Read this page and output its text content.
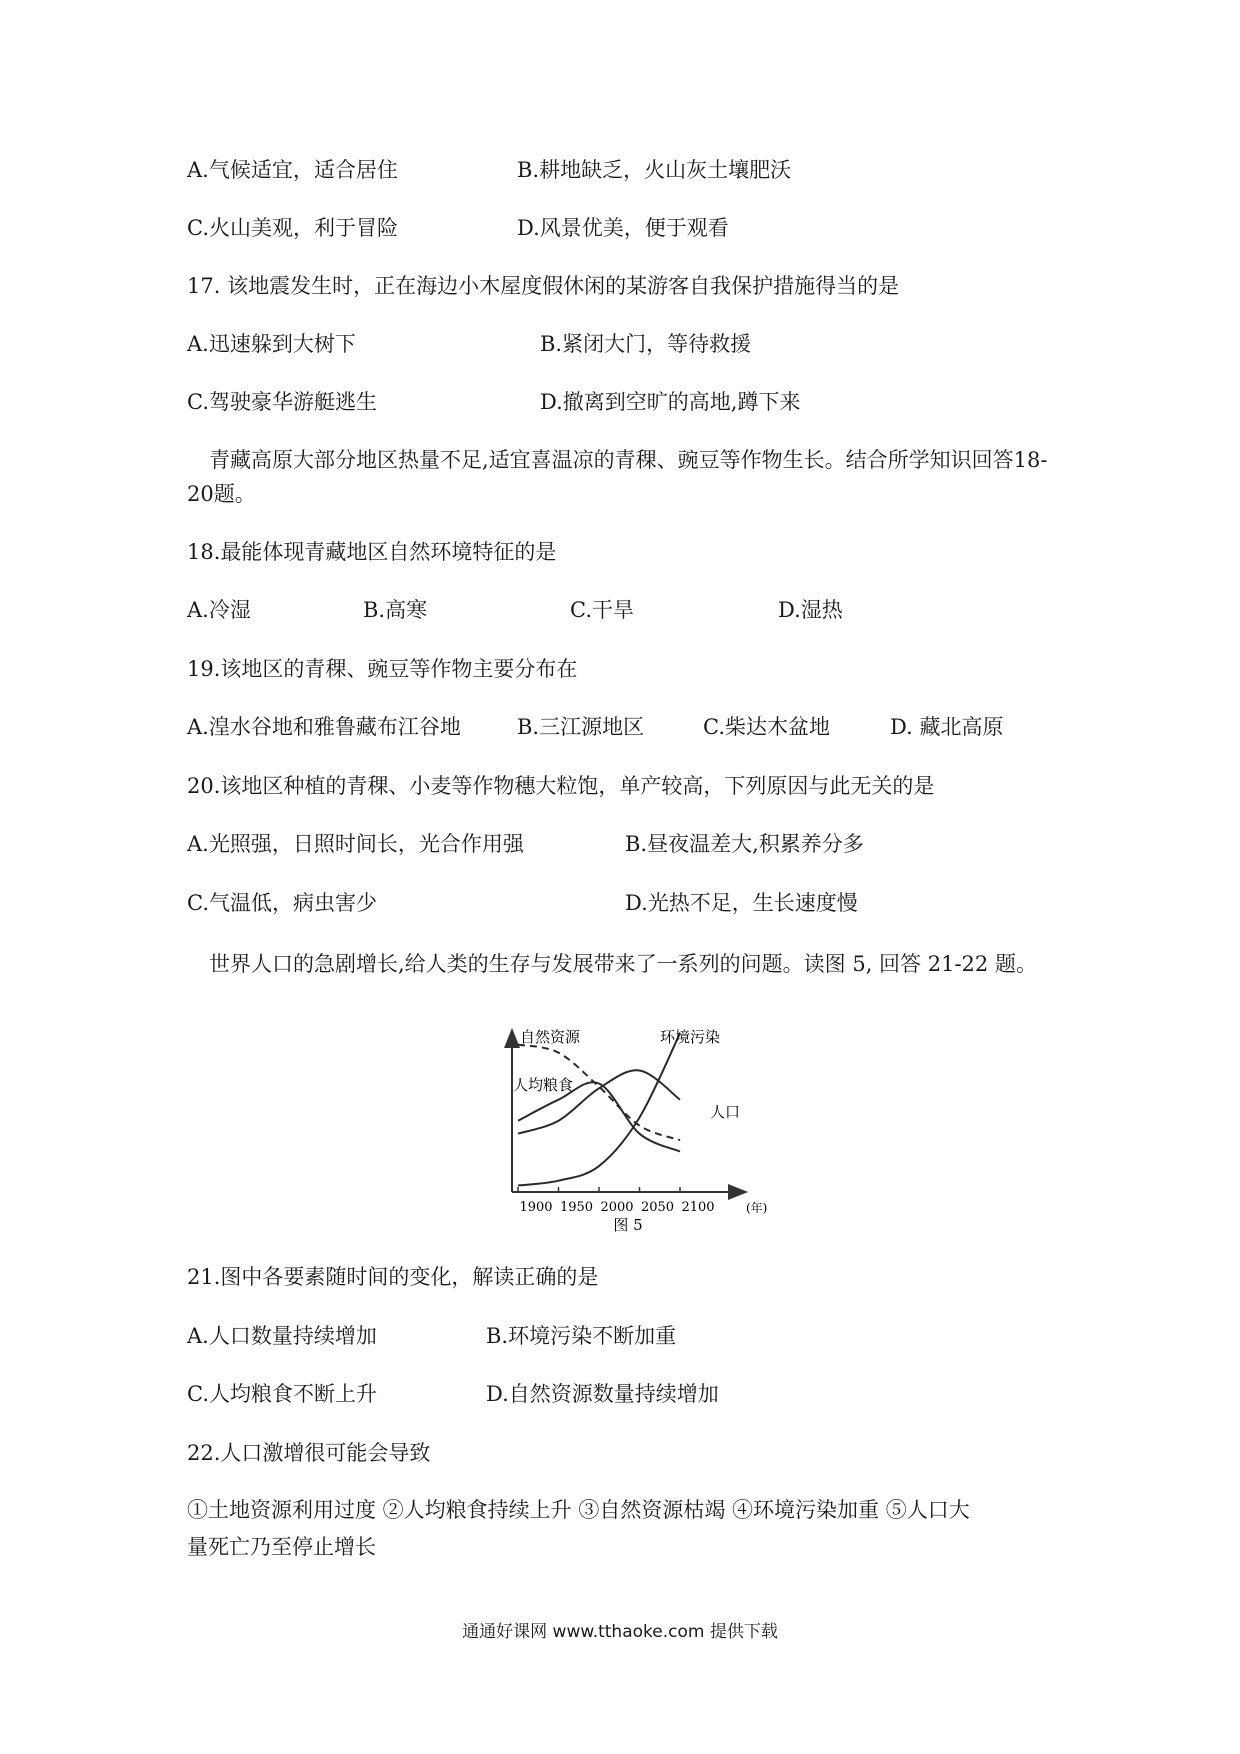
A.气候适宜，适合居住	B.耕地缺乏，火山灰土壤肥沃
C.火山美观，利于冒险	D.风景优美，便于观看
17. 该地震发生时，正在海边小木屋度假休闲的某游客自我保护措施得当的是
A.迅速躲到大树下	B.紧闭大门，等待救援
C.驾驶豪华游艇逃生	D.撤离到空旷的高地,蹲下来
青藏高原大部分地区热量不足,适宜喜温凉的青稞、豌豆等作物生长。结合所学知识回答18-20题。
18.最能体现青藏地区自然环境特征的是
A.冷湿	B.高寒	C.干旱	D.湿热
19.该地区的青稞、豌豆等作物主要分布在
A.湟水谷地和雅鲁藏布江谷地	B.三江源地区	C.柴达木盆地	D. 藏北高原
20.该地区种植的青稞、小麦等作物穗大粒饱，单产较高，下列原因与此无关的是
A.光照强，日照时间长，光合作用强	B.昼夜温差大,积累养分多
C.气温低，病虫害少	D.光热不足，生长速度慢
世界人口的急剧增长,给人类的生存与发展带来了一系列的问题。读图 5, 回答 21-22 题。
1900 1950 2000 2050 2100
自然资源	环境污染
人均粮食
人口
(年)
图 5
21.图中各要素随时间的变化，解读正确的是
A.人口数量持续增加	B.环境污染不断加重
C.人均粮食不断上升	D.自然资源数量持续增加
22.人口激增很可能会导致
①土地资源利用过度 ②人均粮食持续上升 ③自然资源枯竭 ④环境污染加重 ⑤人口大
量死亡乃至停止增长
通通好课网 www.tthaoke.com 提供下载
